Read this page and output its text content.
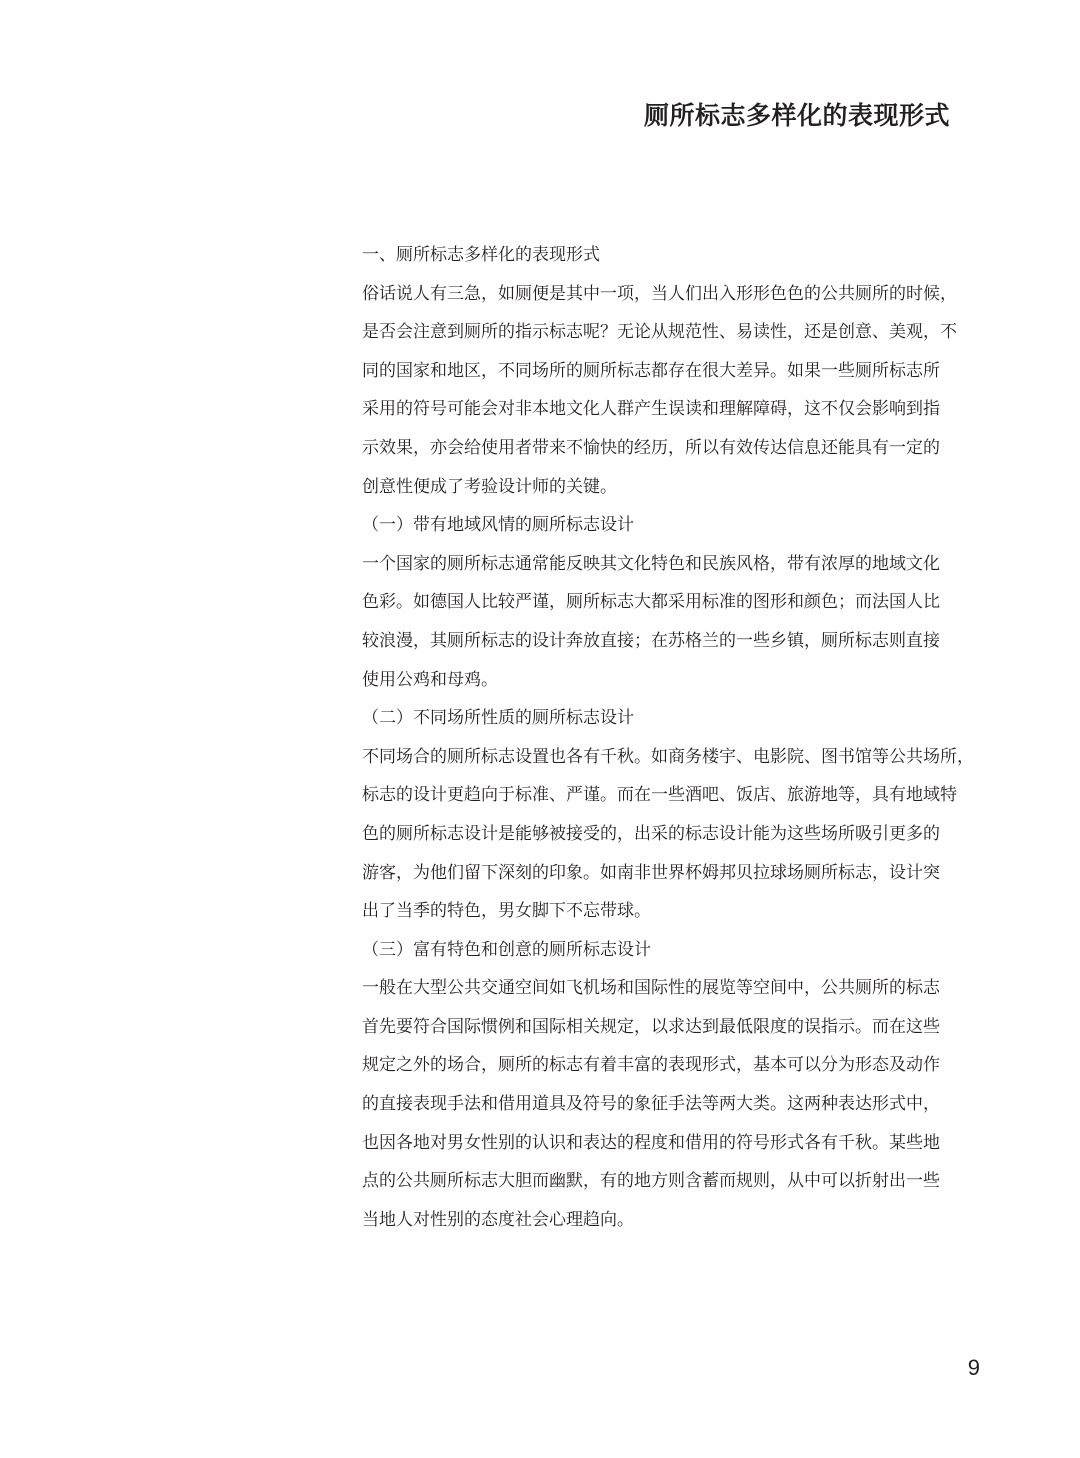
厕所标志多样化的表现形式
一、厕所标志多样化的表现形式
俗话说人有三急，如厕便是其中一项，当人们出入形形色色的公共厕所的时候，
是否会注意到厕所的指示标志呢？无论从规范性、易读性，还是创意、美观，不
同的国家和地区，不同场所的厕所标志都存在很大差异。如果一些厕所标志所
采用的符号可能会对非本地文化人群产生误读和理解障碍，这不仅会影响到指
示效果，亦会给使用者带来不愉快的经历，所以有效传达信息还能具有一定的
创意性便成了考验设计师的关键。
（一）带有地域风情的厕所标志设计
一个国家的厕所标志通常能反映其文化特色和民族风格，带有浓厚的地域文化
色彩。如德国人比较严谨，厕所标志大都采用标准的图形和颜色；而法国人比
较浪漫，其厕所标志的设计奔放直接；在苏格兰的一些乡镇，厕所标志则直接
使用公鸡和母鸡。
（二）不同场所性质的厕所标志设计
不同场合的厕所标志设置也各有千秋。如商务楼宇、电影院、图书馆等公共场所，
标志的设计更趋向于标准、严谨。而在一些酒吧、饭店、旅游地等，具有地域特
色的厕所标志设计是能够被接受的，出采的标志设计能为这些场所吸引更多的
游客，为他们留下深刻的印象。如南非世界杯姆邦贝拉球场厕所标志，设计突
出了当季的特色，男女脚下不忘带球。
（三）富有特色和创意的厕所标志设计
一般在大型公共交通空间如飞机场和国际性的展览等空间中，公共厕所的标志
首先要符合国际惯例和国际相关规定，以求达到最低限度的误指示。而在这些
规定之外的场合，厕所的标志有着丰富的表现形式，基本可以分为形态及动作
的直接表现手法和借用道具及符号的象征手法等两大类。这两种表达形式中，
也因各地对男女性别的认识和表达的程度和借用的符号形式各有千秋。某些地
点的公共厕所标志大胆而幽默，有的地方则含蓄而规则，从中可以折射出一些
当地人对性别的态度社会心理趋向。
9
